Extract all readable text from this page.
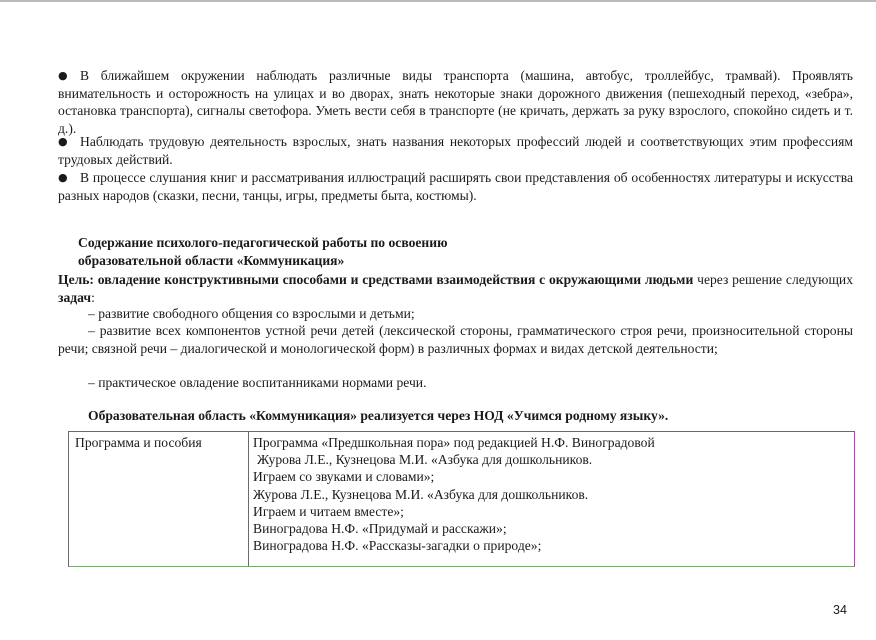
● В ближайшем окружении наблюдать различные виды транспорта (машина, автобус, троллейбус, трамвай). Проявлять внимательность и осторожность на улицах и во дворах, знать некоторые знаки дорожного движения (пешеходный переход, «зебра», остановка транспорта), сигналы светофора. Уметь вести себя в транспорте (не кричать, держать за руку взрослого, спокойно сидеть и т. д.).
● Наблюдать трудовую деятельность взрослых, знать названия некоторых профессий людей и соответствующих этим профессиям трудовых действий.
● В процессе слушания книг и рассматривания иллюстраций расширять свои представления об особенностях литературы и искусства разных народов (сказки, песни, танцы, игры, предметы быта, костюмы).
Содержание психолого-педагогической работы по освоению
образовательной области «Коммуникация»
Цель: овладение конструктивными способами и средствами взаимодействия с окружающими людьми через решение следующих задач:
– развитие свободного общения со взрослыми и детьми;
– развитие всех компонентов устной речи детей (лексической стороны, грамматического строя речи, произносительной стороны речи; связной речи – диалогической и монологической форм) в различных формах и видах детской деятельности;
– практическое овладение воспитанниками нормами речи.
Образовательная область «Коммуникация» реализуется через НОД «Учимся родному языку».
Программа и пособия	Программа «Предшкольная пора» под редакцией Н.Ф. Виноградовой
Журова Л.Е., Кузнецова М.И. «Азбука для дошкольников.
Играем со звуками и словами»;
Журова Л.Е., Кузнецова М.И. «Азбука для дошкольников.
Играем и читаем вместе»;
Виноградова Н.Ф. «Придумай и расскажи»;
Виноградова Н.Ф. «Рассказы-загадки о природе»;
34
